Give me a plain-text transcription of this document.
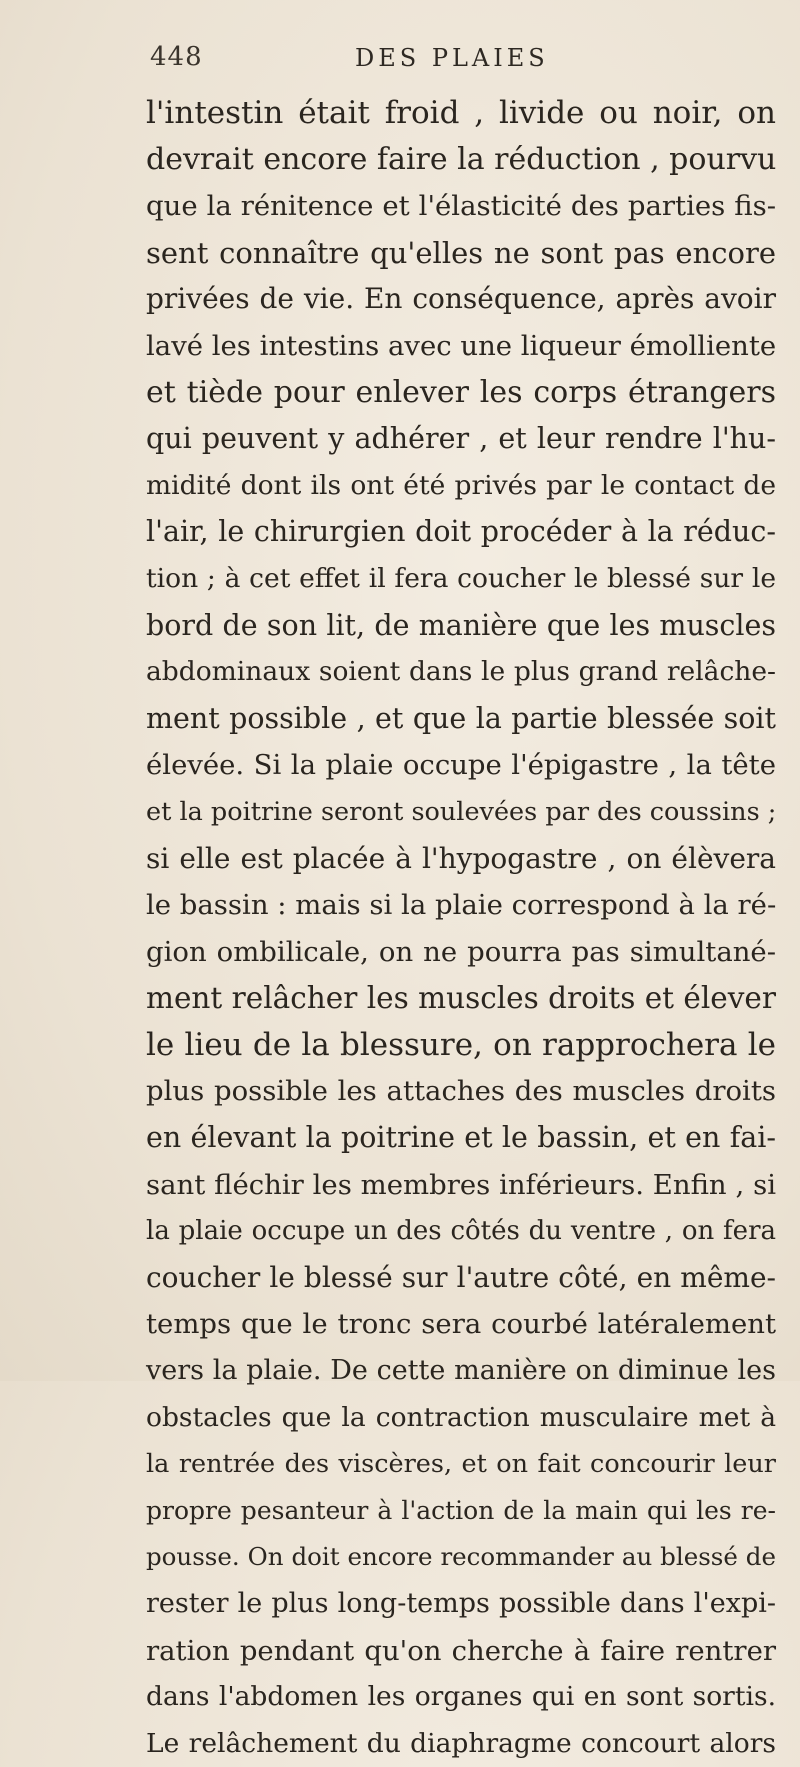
448	DES PLAIES
l'intestin était froid , livide ou noir, on
devrait encore faire la réduction , pourvu
que la rénitence et l'élasticité des parties fis-
sent connaître qu'elles ne sont pas encore
privées de vie. En conséquence, après avoir
lavé les intestins avec une liqueur émolliente
et tiède pour enlever les corps étrangers
qui peuvent y adhérer , et leur rendre l'hu-
midité dont ils ont été privés par le contact de
l'air, le chirurgien doit procéder à la réduc-
tion ; à cet effet il fera coucher le blessé sur le
bord de son lit, de manière que les muscles
abdominaux soient dans le plus grand relâche-
ment possible , et que la partie blessée soit
élevée. Si la plaie occupe l'épigastre , la tête
et la poitrine seront soulevées par des coussins ;
si elle est placée à l'hypogastre , on élèvera
le bassin : mais si la plaie correspond à la ré-
gion ombilicale, on ne pourra pas simultané-
ment relâcher les muscles droits et élever
le lieu de la blessure, on rapprochera le
plus possible les attaches des muscles droits
en élevant la poitrine et le bassin, et en fai-
sant fléchir les membres inférieurs. Enfin , si
la plaie occupe un des côtés du ventre , on fera
coucher le blessé sur l'autre côté, en même-
temps que le tronc sera courbé latéralement
vers la plaie. De cette manière on diminue les
obstacles que la contraction musculaire met à
la rentrée des viscères, et on fait concourir leur
propre pesanteur à l'action de la main qui les re-
pousse. On doit encore recommander au blessé de
rester le plus long-temps possible dans l'expi-
ration pendant qu'on cherche à faire rentrer
dans l'abdomen les organes qui en sont sortis.
Le relâchement du diaphragme concourt alors
